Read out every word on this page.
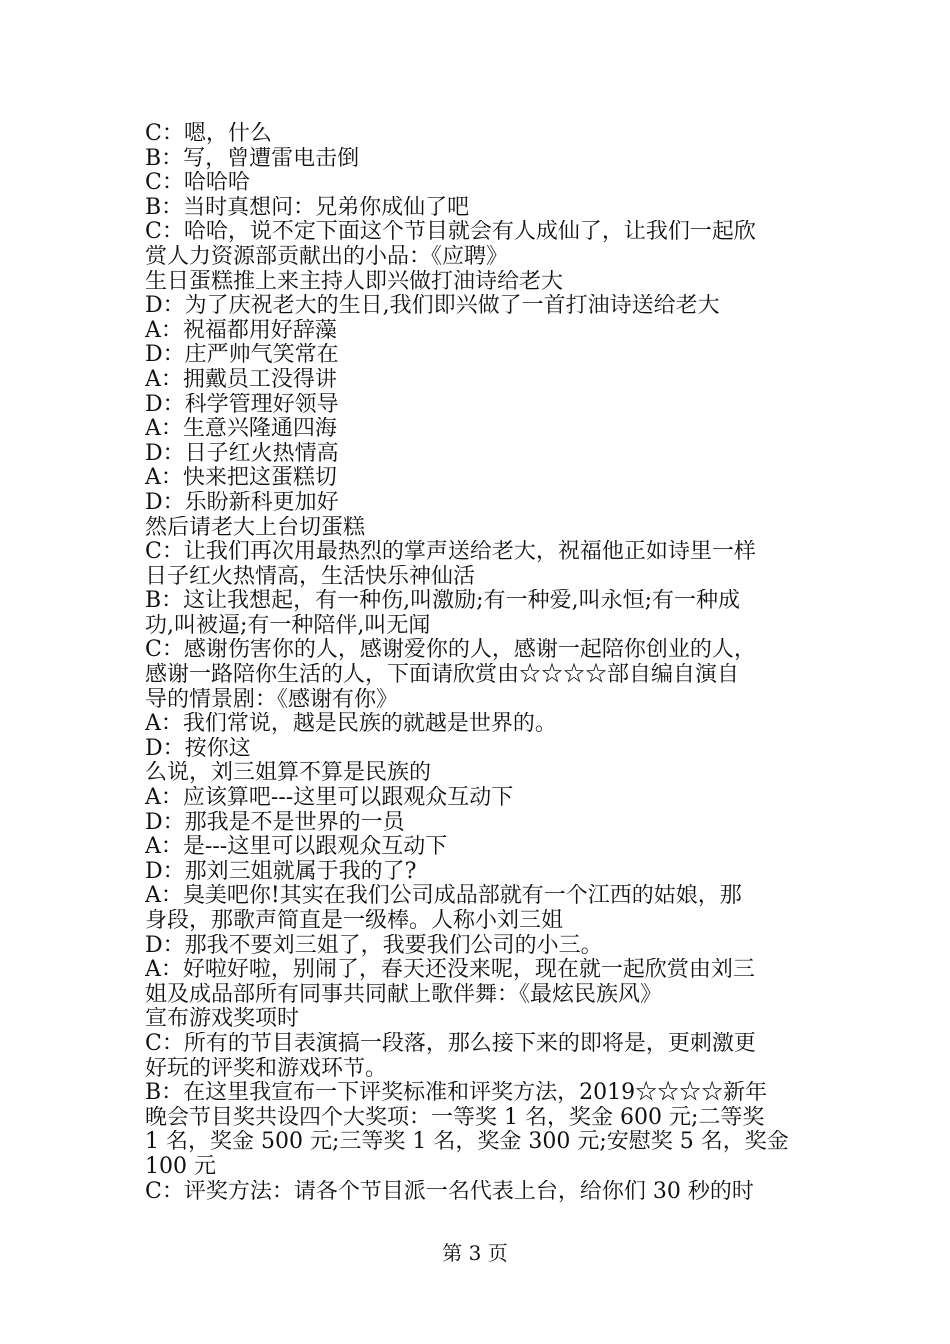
C：嗯，什么
B：写，曾遭雷电击倒
C：哈哈哈
B：当时真想问：兄弟你成仙了吧
C：哈哈，说不定下面这个节目就会有人成仙了，让我们一起欣
赏人力资源部贡献出的小品：《应聘》
生日蛋糕推上来主持人即兴做打油诗给老大
D：为了庆祝老大的生日,我们即兴做了一首打油诗送给老大
A：祝福都用好辞藻
D：庄严帅气笑常在
A：拥戴员工没得讲
D：科学管理好领导
A：生意兴隆通四海
D：日子红火热情高
A：快来把这蛋糕切
D：乐盼新科更加好
然后请老大上台切蛋糕
C：让我们再次用最热烈的掌声送给老大，祝福他正如诗里一样
日子红火热情高，生活快乐神仙活
B：这让我想起，有一种伤,叫激励;有一种爱,叫永恒;有一种成
功,叫被逼;有一种陪伴,叫无闻
C：感谢伤害你的人，感谢爱你的人，感谢一起陪你创业的人，
感谢一路陪你生活的人，下面请欣赏由☆☆☆☆部自编自演自
导的情景剧：《感谢有你》
A：我们常说，越是民族的就越是世界的。
D：按你这
么说，刘三姐算不算是民族的
A：应该算吧---这里可以跟观众互动下
D：那我是不是世界的一员
A：是---这里可以跟观众互动下
D：那刘三姐就属于我的了?
A：臭美吧你!其实在我们公司成品部就有一个江西的姑娘，那
身段，那歌声简直是一级棒。人称小刘三姐
D：那我不要刘三姐了，我要我们公司的小三。
A：好啦好啦，别闹了，春天还没来呢，现在就一起欣赏由刘三
姐及成品部所有同事共同献上歌伴舞：《最炫民族风》
宣布游戏奖项时
C：所有的节目表演搞一段落，那么接下来的即将是，更刺激更
好玩的评奖和游戏环节。
B：在这里我宣布一下评奖标准和评奖方法，2019☆☆☆☆新年
晚会节目奖共设四个大奖项：一等奖 1 名，奖金 600 元;二等奖
1 名，奖金 500 元;三等奖 1 名，奖金 300 元;安慰奖 5 名，奖金
100 元
C：评奖方法：请各个节目派一名代表上台，给你们 30 秒的时
第 3 页
